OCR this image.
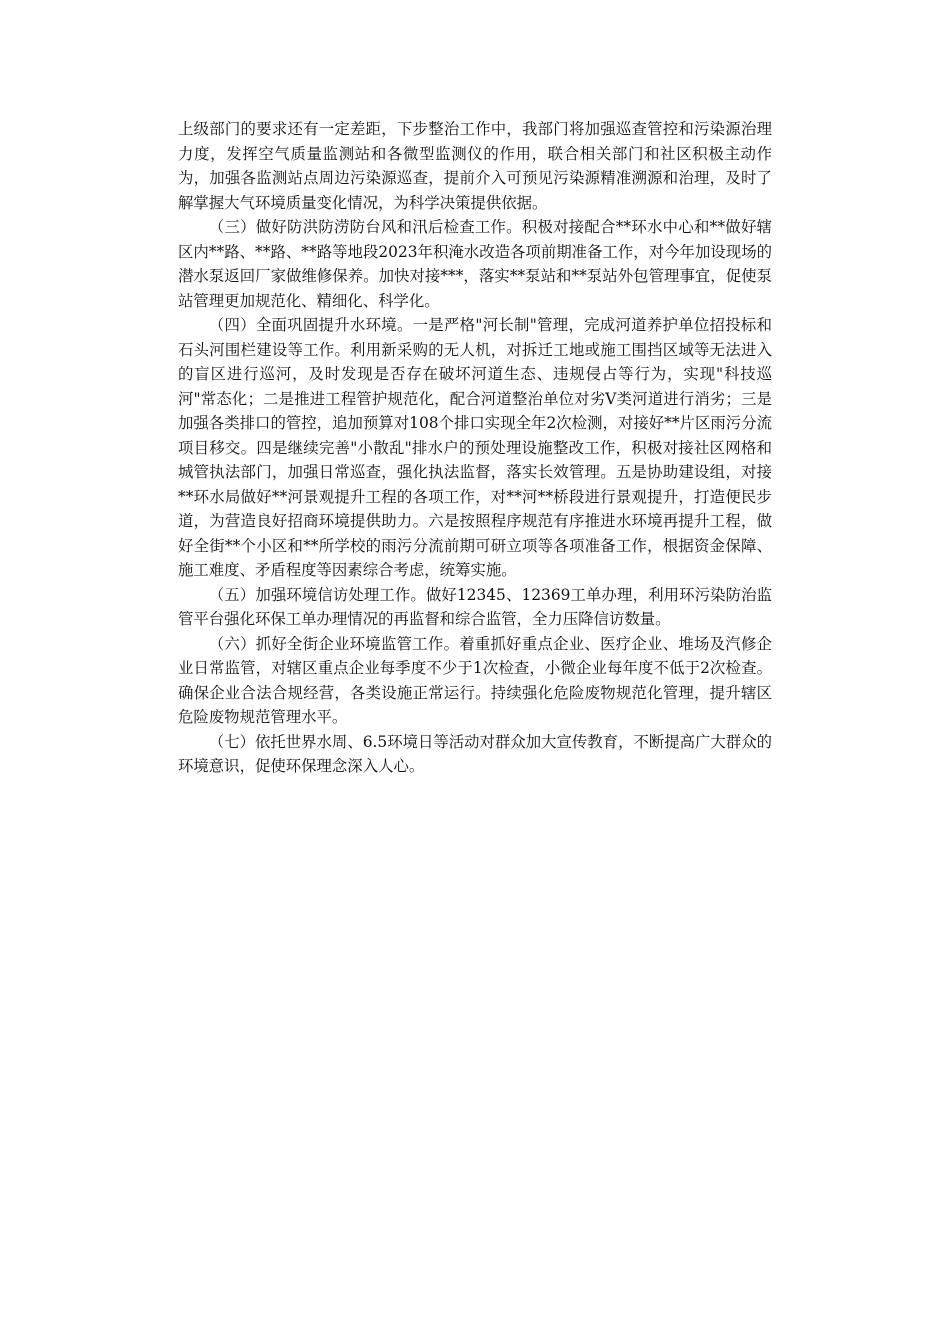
上级部门的要求还有一定差距，下步整治工作中，我部门将加强巡查管控和污染源治理力度，发挥空气质量监测站和各微型监测仪的作用，联合相关部门和社区积极主动作为，加强各监测站点周边污染源巡查，提前介入可预见污染源精准溯源和治理，及时了解掌握大气环境质量变化情况，为科学决策提供依据。

（三）做好防洪防涝防台风和汛后检查工作。积极对接配合**环水中心和**做好辖区内**路、**路、**路等地段2023年积淹水改造各项前期准备工作，对今年加设现场的潜水泵返回厂家做维修保养。加快对接***，落实**泵站和**泵站外包管理事宜，促使泵站管理更加规范化、精细化、科学化。

（四）全面巩固提升水环境。一是严格"河长制"管理，完成河道养护单位招投标和石头河围栏建设等工作。利用新采购的无人机，对拆迁工地或施工围挡区域等无法进入的盲区进行巡河，及时发现是否存在破坏河道生态、违规侵占等行为，实现"科技巡河"常态化；二是推进工程管护规范化，配合河道整治单位对劣V类河道进行消劣；三是加强各类排口的管控，追加预算对108个排口实现全年2次检测，对接好**片区雨污分流项目移交。四是继续完善"小散乱"排水户的预处理设施整改工作，积极对接社区网格和城管执法部门，加强日常巡查，强化执法监督，落实长效管理。五是协助建设组，对接**环水局做好**河景观提升工程的各项工作，对**河**桥段进行景观提升，打造便民步道，为营造良好招商环境提供助力。六是按照程序规范有序推进水环境再提升工程，做好全街**个小区和**所学校的雨污分流前期可研立项等各项准备工作，根据资金保障、施工难度、矛盾程度等因素综合考虑，统筹实施。

（五）加强环境信访处理工作。做好12345、12369工单办理，利用环污染防治监管平台强化环保工单办理情况的再监督和综合监管，全力压降信访数量。

（六）抓好全街企业环境监管工作。着重抓好重点企业、医疗企业、堆场及汽修企业日常监管，对辖区重点企业每季度不少于1次检查，小微企业每年度不低于2次检查。确保企业合法合规经营，各类设施正常运行。持续强化危险废物规范化管理，提升辖区危险废物规范管理水平。

（七）依托世界水周、6.5环境日等活动对群众加大宣传教育，不断提高广大群众的环境意识，促使环保理念深入人心。
